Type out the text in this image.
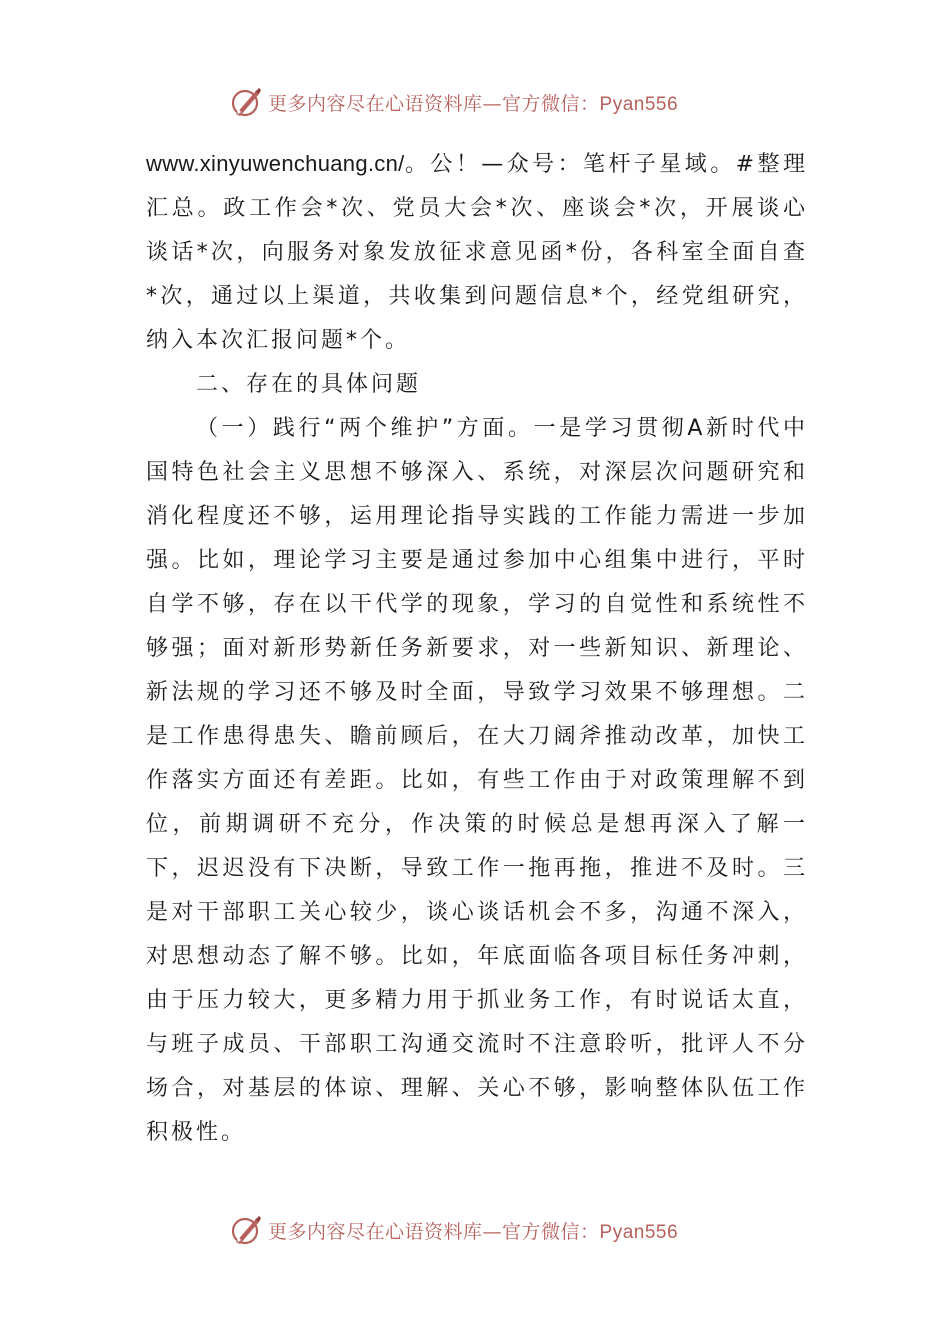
更多内容尽在心语资料库—官方微信：Pyan556

www.xinyuwenchuang.cn/。公！—众号：笔杆子星域。#整理汇总。政工作会*次、党员大会*次、座谈会*次，开展谈心谈话*次，向服务对象发放征求意见函*份，各科室全面自查*次，通过以上渠道，共收集到问题信息*个，经党组研究，纳入本次汇报问题*个。

二、存在的具体问题

（一）践行“两个维护”方面。一是学习贯彻A新时代中国特色社会主义思想不够深入、系统，对深层次问题研究和消化程度还不够，运用理论指导实践的工作能力需进一步加强。比如，理论学习主要是通过参加中心组集中进行，平时自学不够，存在以干代学的现象，学习的自觉性和系统性不够强；面对新形势新任务新要求，对一些新知识、新理论、新法规的学习还不够及时全面，导致学习效果不够理想。二是工作患得患失、瞻前顾后，在大刀阔斧推动改革，加快工作落实方面还有差距。比如，有些工作由于对政策理解不到位，前期调研不充分，作决策的时候总是想再深入了解一下，迟迟没有下决断，导致工作一拖再拖，推进不及时。三是对干部职工关心较少，谈心谈话机会不多，沟通不深入，对思想动态了解不够。比如，年底面临各项目标任务冲刺，由于压力较大，更多精力用于抓业务工作，有时说话太直，与班子成员、干部职工沟通交流时不注意聆听，批评人不分场合，对基层的体谅、理解、关心不够，影响整体队伍工作积极性。

更多内容尽在心语资料库—官方微信：Pyan556
